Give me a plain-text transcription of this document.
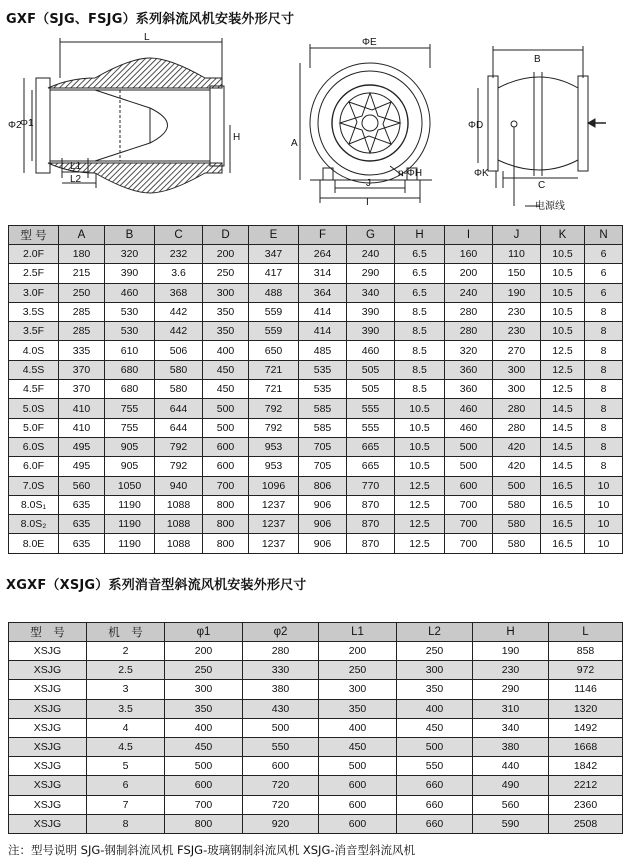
GXF（SJG、FSJG）系列斜流风机安装外形尺寸
L
Φ2
Φ1
H
L1
L2
ΦE
A
J
I
n-ΦH
B
ΦD
ΦK
C
电源线
型 号	A	B	C	D	E	F	G	H	I	J	K	N
2.0F	180	320	232	200	347	264	240	6.5	160	110	10.5	6
2.5F	215	390	3.6	250	417	314	290	6.5	200	150	10.5	6
3.0F	250	460	368	300	488	364	340	6.5	240	190	10.5	6
3.5S	285	530	442	350	559	414	390	8.5	280	230	10.5	8
3.5F	285	530	442	350	559	414	390	8.5	280	230	10.5	8
4.0S	335	610	506	400	650	485	460	8.5	320	270	12.5	8
4.5S	370	680	580	450	721	535	505	8.5	360	300	12.5	8
4.5F	370	680	580	450	721	535	505	8.5	360	300	12.5	8
5.0S	410	755	644	500	792	585	555	10.5	460	280	14.5	8
5.0F	410	755	644	500	792	585	555	10.5	460	280	14.5	8
6.0S	495	905	792	600	953	705	665	10.5	500	420	14.5	8
6.0F	495	905	792	600	953	705	665	10.5	500	420	14.5	8
7.0S	560	1050	940	700	1096	806	770	12.5	600	500	16.5	10
8.0S₁	635	1190	1088	800	1237	906	870	12.5	700	580	16.5	10
8.0S₂	635	1190	1088	800	1237	906	870	12.5	700	580	16.5	10
8.0E	635	1190	1088	800	1237	906	870	12.5	700	580	16.5	10
XGXF（XSJG）系列消音型斜流风机安装外形尺寸
型　号	机　号	φ1	φ2	L1	L2	H	L
XSJG	2	200	280	200	250	190	858
XSJG	2.5	250	330	250	300	230	972
XSJG	3	300	380	300	350	290	1146
XSJG	3.5	350	430	350	400	310	1320
XSJG	4	400	500	400	450	340	1492
XSJG	4.5	450	550	450	500	380	1668
XSJG	5	500	600	500	550	440	1842
XSJG	6	600	720	600	660	490	2212
XSJG	7	700	720	600	660	560	2360
XSJG	8	800	920	600	660	590	2508
注：型号说明 SJG-钢制斜流风机 FSJG-玻璃钢制斜流风机 XSJG-消音型斜流风机
